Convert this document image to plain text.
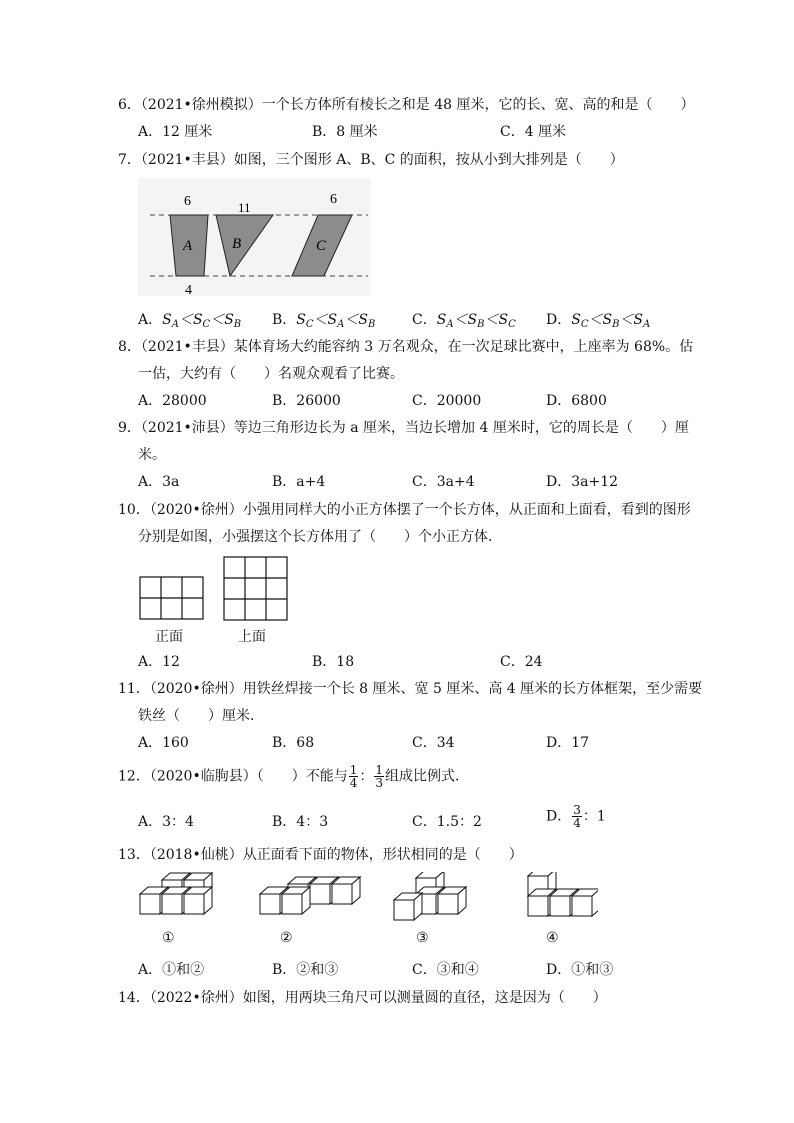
6．（2021•徐州模拟）一个长方体所有棱长之和是 48 厘米，它的长、宽、高的和是（　　）
A．12 厘米	B．8 厘米	C．4 厘米
7．（2021•丰县）如图，三个图形 A、B、C 的面积，按从小到大排列是（　　）
6	11
6
4
A	B	C
A．$S_A<S_C<S_B$ B．$S_C<S_A<S_B$	C．$S_A<S_B<S_C$ D．$S_C<S_B<S_A$
8．（2021•丰县）某体育场大约能容纳 3 万名观众，在一次足球比赛中，上座率为 68%。估
一估，大约有（　　）名观众观看了比赛。
A．28000	B．26000	C．20000	D．6800
9．（2021•沛县）等边三角形边长为 a 厘米，当边长增加 4 厘米时，它的周长是（　　）厘
米。
A．3a	B．a+4	C．3a+4	D．3a+12
10．（2020•徐州）小强用同样大的小正方体摆了一个长方体，从正面和上面看，看到的图形
分别是如图，小强摆这个长方体用了（　　）个小正方体．
正面	上面
A．12	B．18	C．24
11．（2020•徐州）用铁丝焊接一个长 8 厘米、宽 5 厘米、高 4 厘米的长方体框架，至少需要
铁丝（　　）厘米．
A．160	B．68	C．34	D．17
12．（2020•临朐县）（　　）不能与 $\frac{1}{4}$ ： $\frac{1}{3}$ 组成比例式．
A．3：4	B．4：3	C．1.5：2	D． $\frac{3}{4}$ ：1
13．（2018•仙桃）从正面看下面的物体，形状相同的是（　　）
①	②	③	④
A．①和②	B．②和③	C．③和④	D．①和③
14．（2022•徐州）如图，用两块三角尺可以测量圆的直径，这是因为（　　）
